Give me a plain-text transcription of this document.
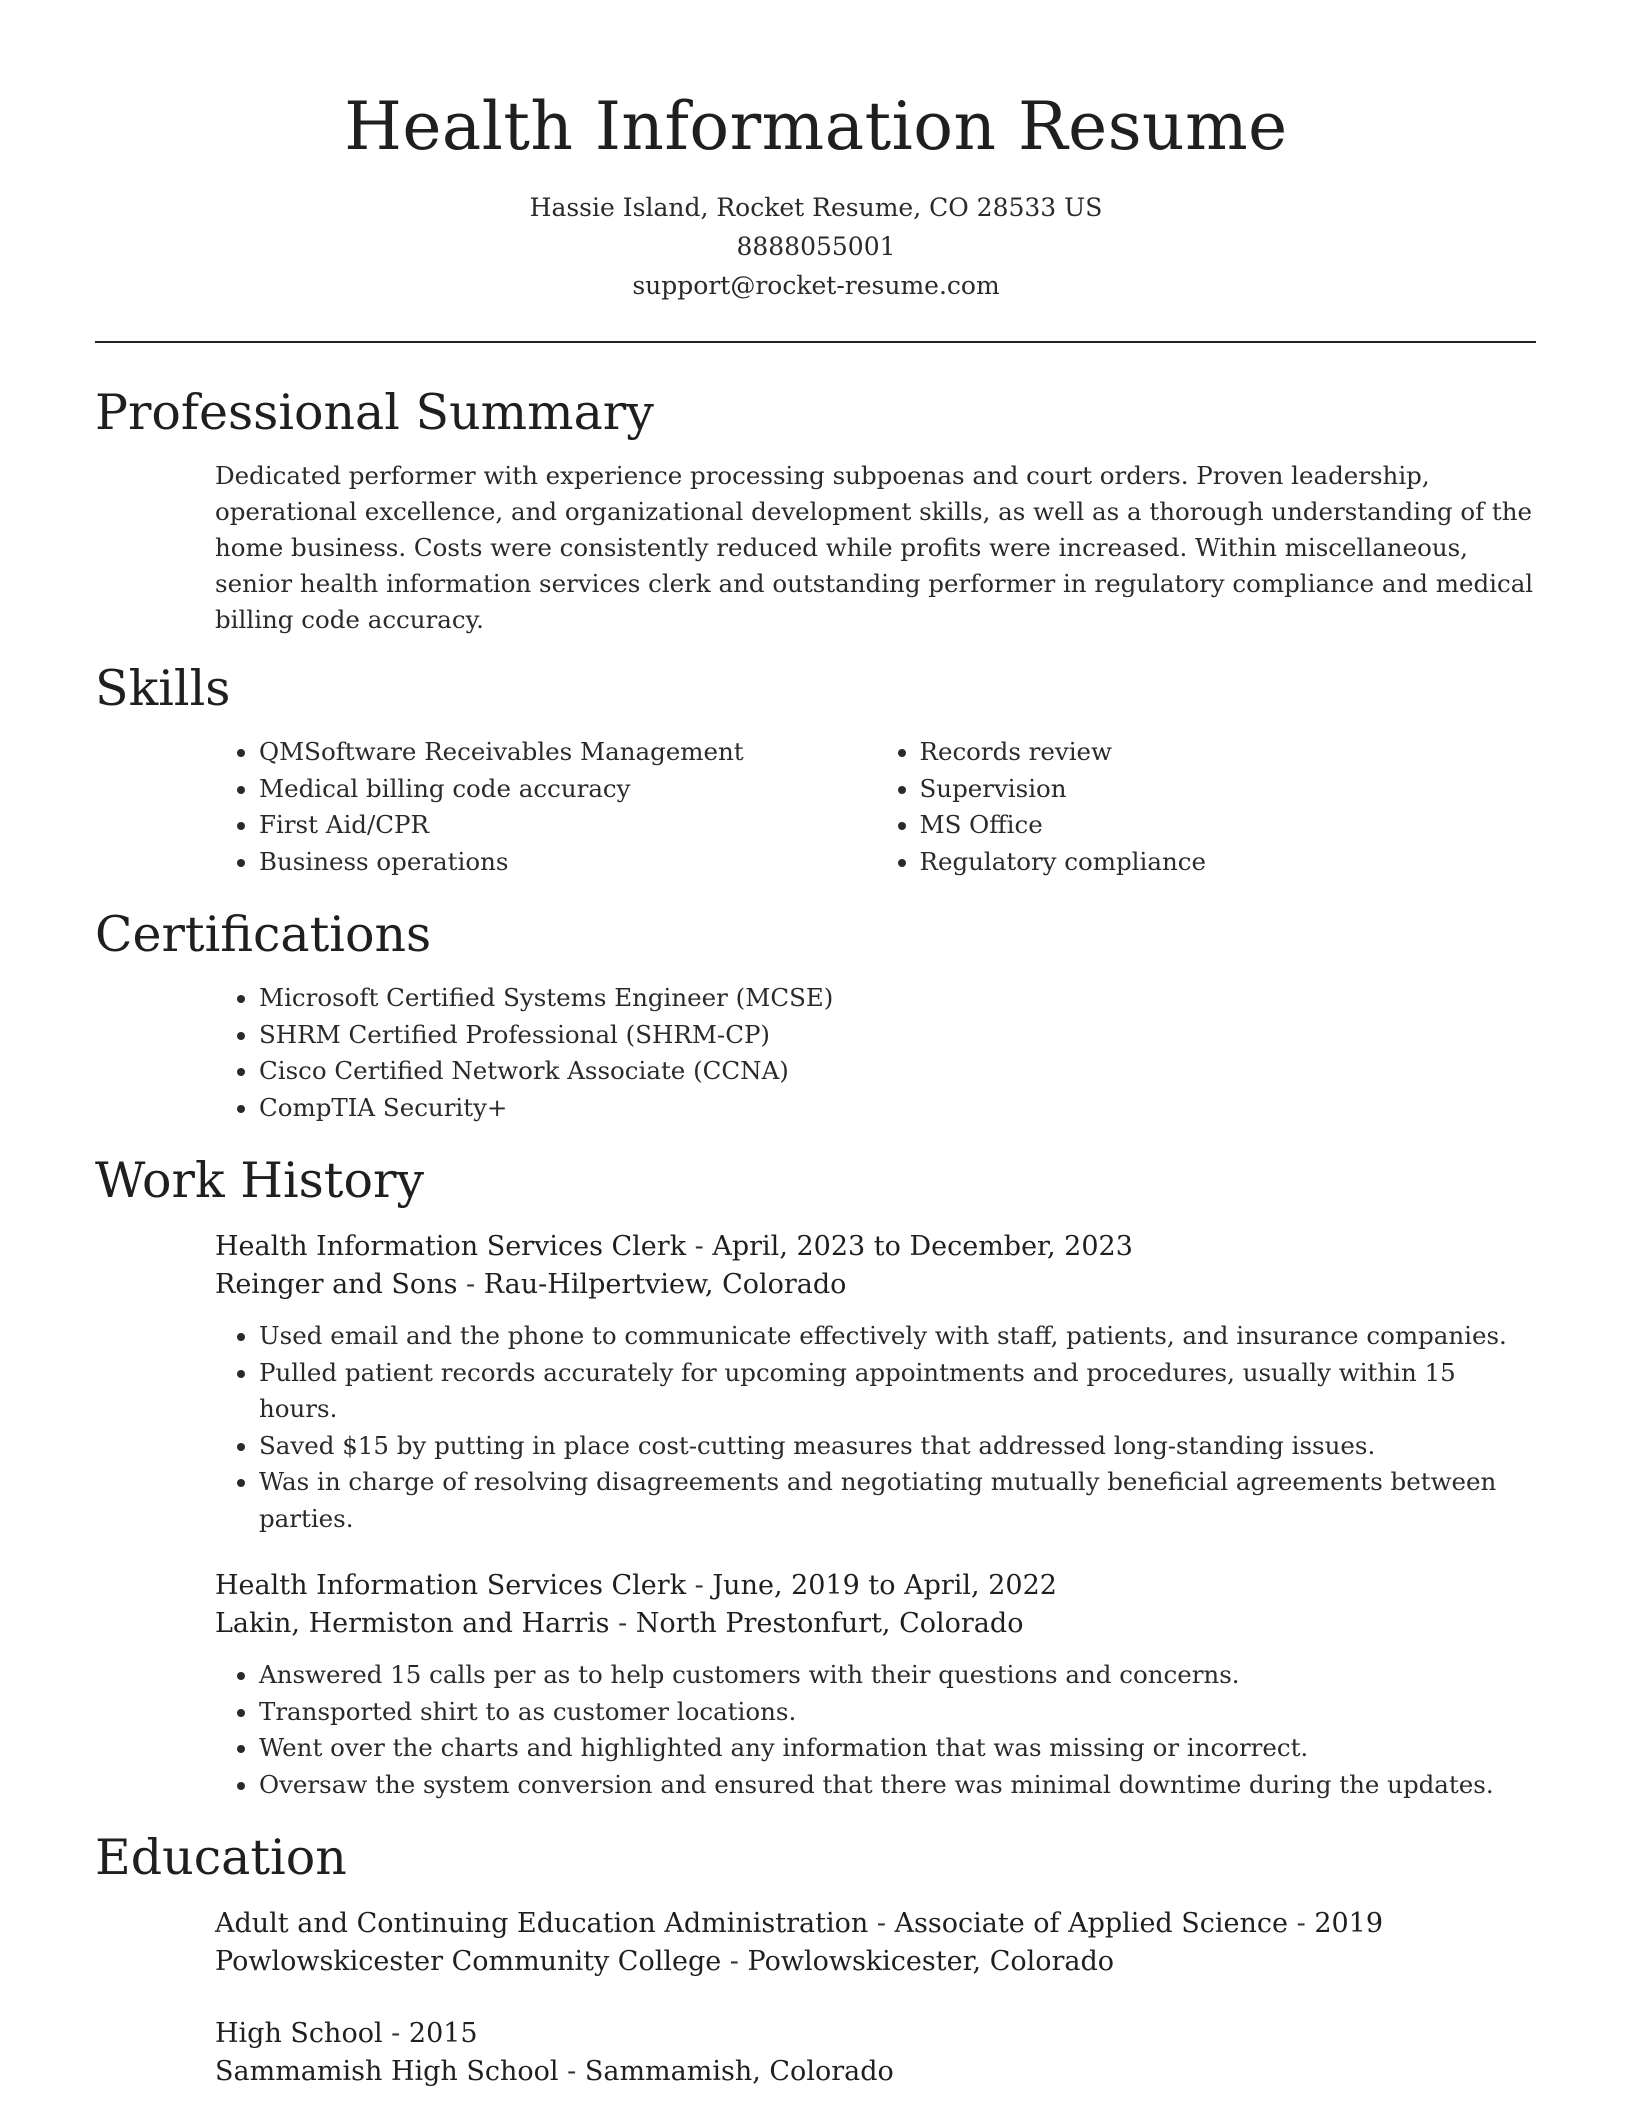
Health Information Resume
Hassie Island, Rocket Resume, CO 28533 US
8888055001
support@rocket-resume.com
Professional Summary

Dedicated performer with experience processing subpoenas and court orders. Proven leadership, operational excellence, and organizational development skills, as well as a thorough understanding of the home business. Costs were consistently reduced while profits were increased. Within miscellaneous, senior health information services clerk and outstanding performer in regulatory compliance and medical billing code accuracy.

Skills
• QMSoftware Receivables Management
• Medical billing code accuracy
• First Aid/CPR
• Business operations
• Records review
• Supervision
• MS Office
• Regulatory compliance
Certifications
• Microsoft Certified Systems Engineer (MCSE)
• SHRM Certified Professional (SHRM-CP)
• Cisco Certified Network Associate (CCNA)
• CompTIA Security+
Work History
Health Information Services Clerk - April, 2023 to December, 2023
Reinger and Sons - Rau-Hilpertview, Colorado
• Used email and the phone to communicate effectively with staff, patients, and insurance companies.
• Pulled patient records accurately for upcoming appointments and procedures, usually within 15 hours.
• Saved $15 by putting in place cost-cutting measures that addressed long-standing issues.
• Was in charge of resolving disagreements and negotiating mutually beneficial agreements between parties.
Health Information Services Clerk - June, 2019 to April, 2022
Lakin, Hermiston and Harris - North Prestonfurt, Colorado
• Answered 15 calls per as to help customers with their questions and concerns.
• Transported shirt to as customer locations.
• Went over the charts and highlighted any information that was missing or incorrect.
• Oversaw the system conversion and ensured that there was minimal downtime during the updates.
Education
Adult and Continuing Education Administration - Associate of Applied Science - 2019
Powlowskicester Community College - Powlowskicester, Colorado
High School - 2015
Sammamish High School - Sammamish, Colorado
